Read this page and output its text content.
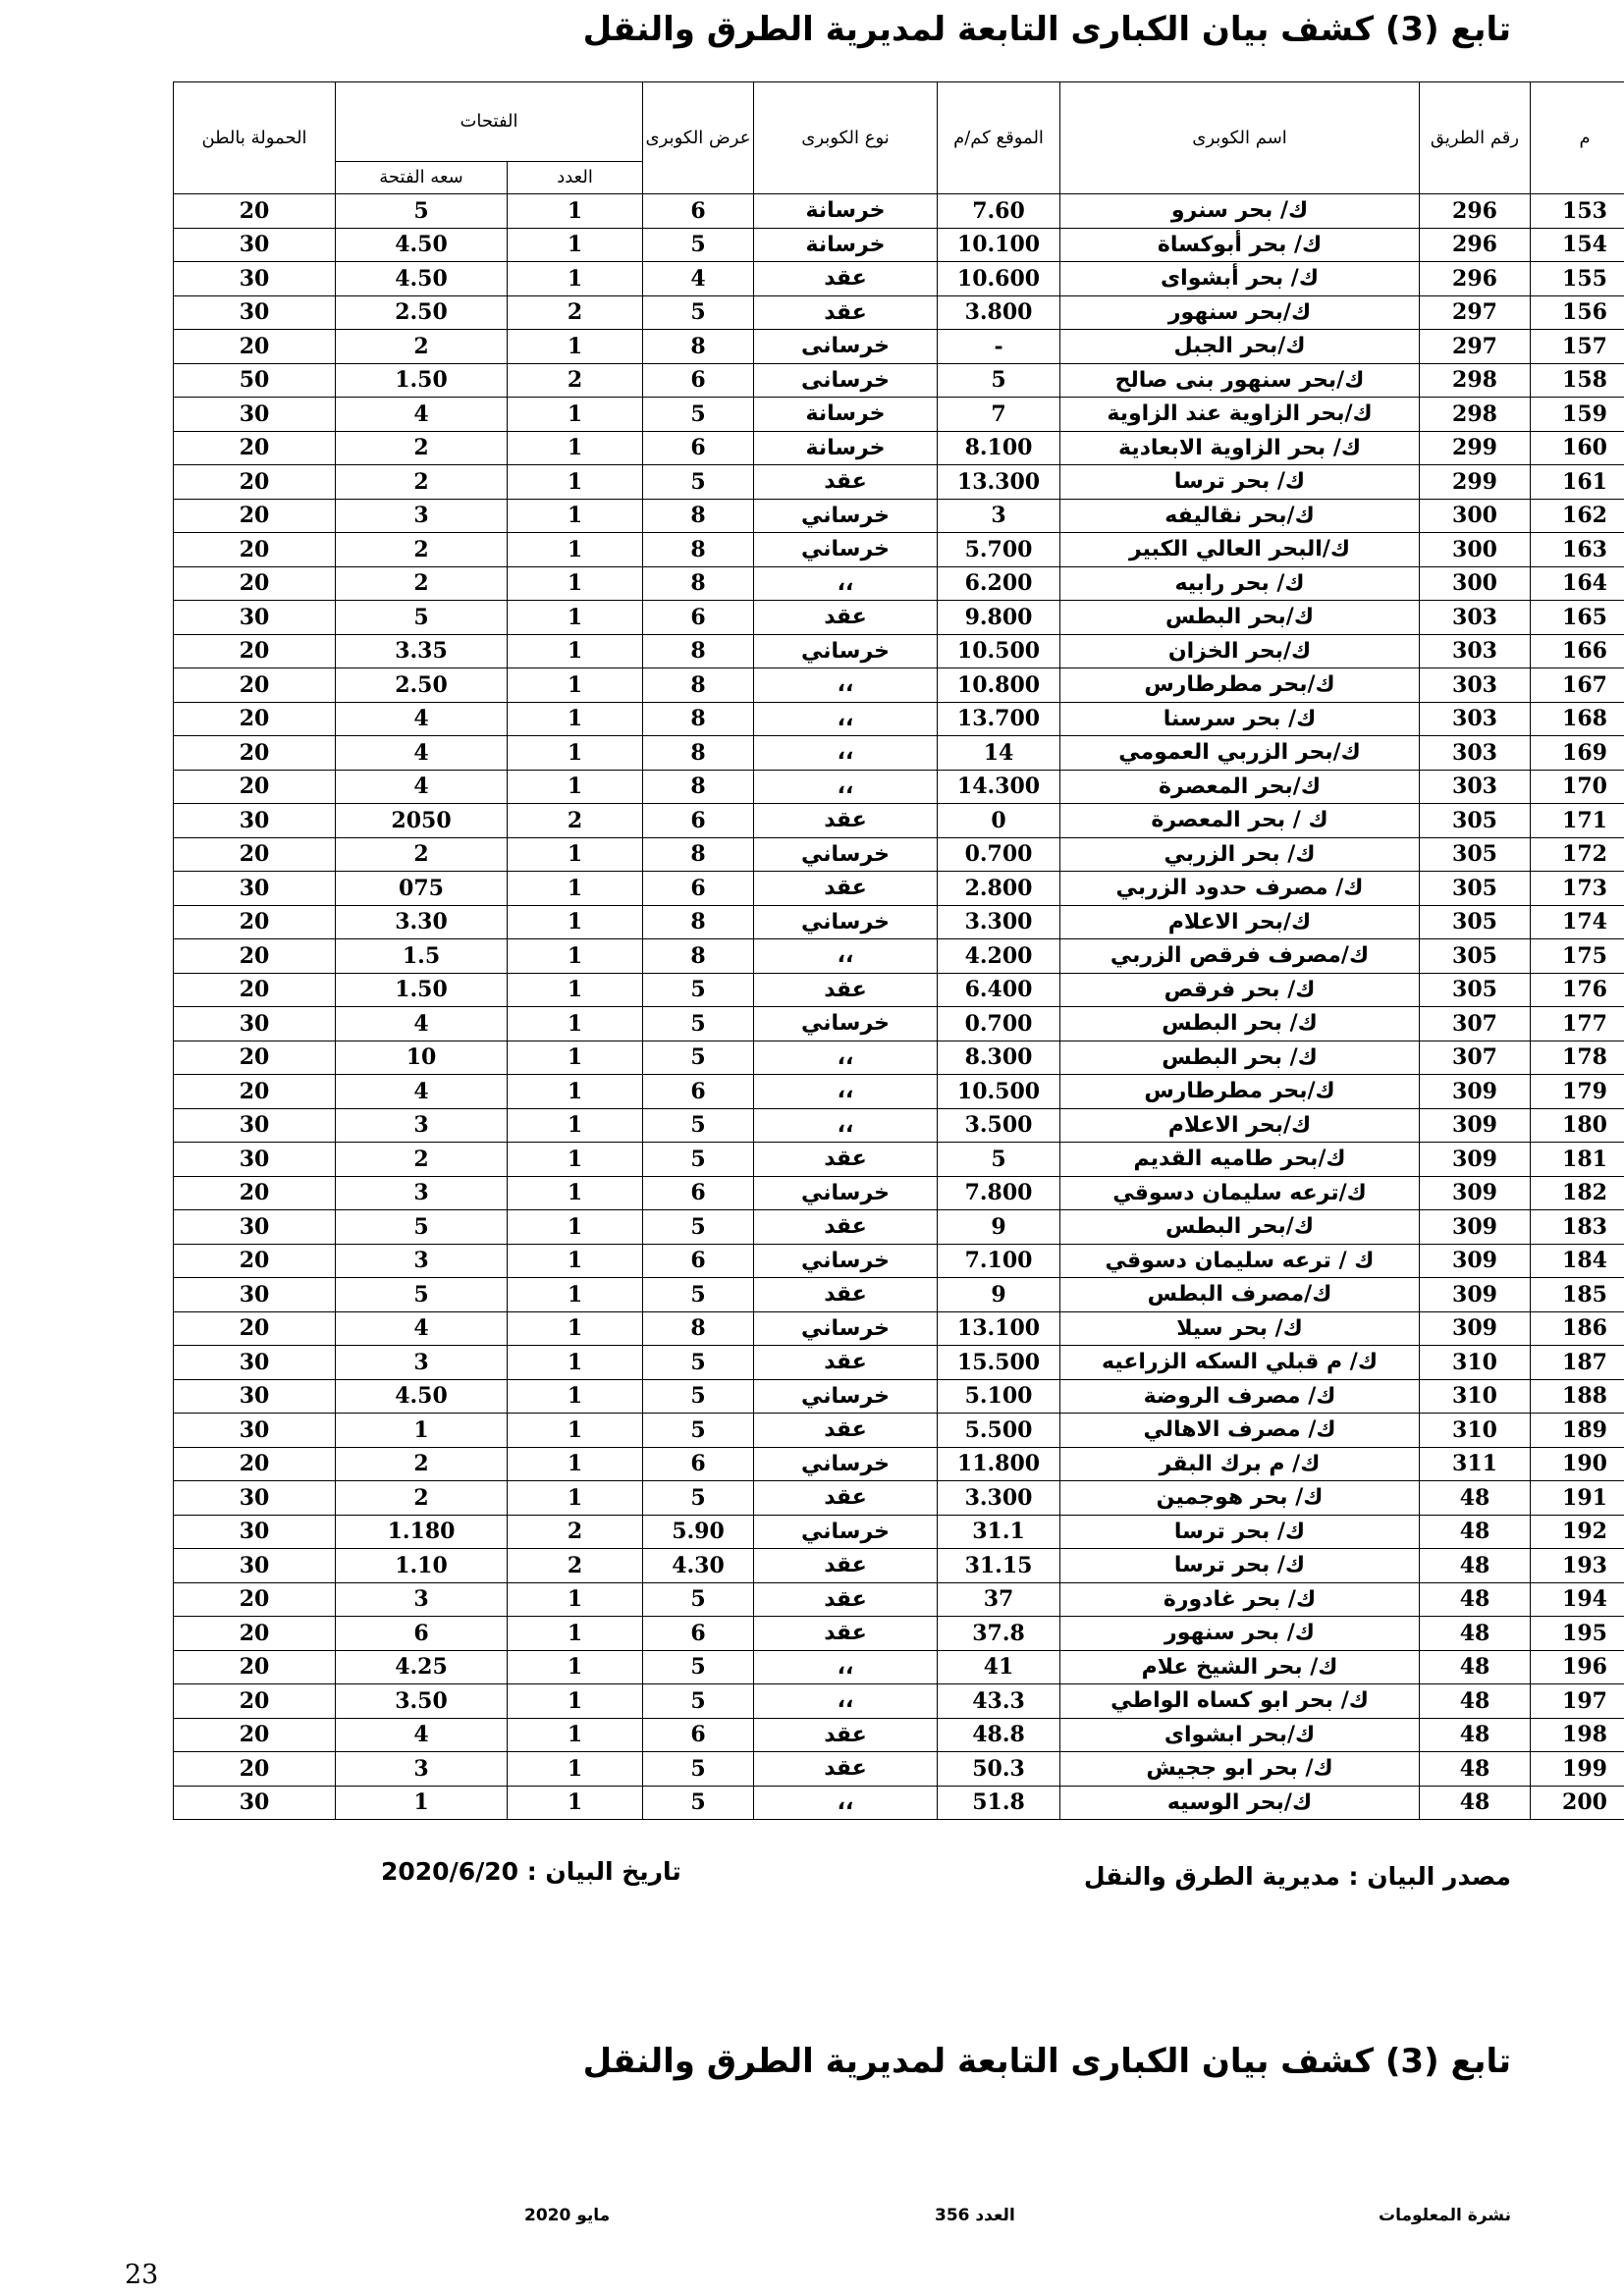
تابع (3) كشف بيان الكبارى التابعة لمديرية الطرق والنقل
م	رقم الطريق	اسم الكوبرى	الموقع كم/م	نوع الكوبرى	عرض الكوبرى	الفتحات		الحمولة بالطن
						العدد	سعه الفتحة	
153	296	ك/ بحر سنرو	7.60	خرسانة	6	1	5	20
154	296	ك/ بحر أبوكساة	10.100	خرسانة	5	1	4.50	30
155	296	ك/ بحر أبشواى	10.600	عقد	4	1	4.50	30
156	297	ك/بحر سنهور	3.800	عقد	5	2	2.50	30
157	297	ك/بحر الجبل	-	خرسانى	8	1	2	20
158	298	ك/بحر سنهور بنى صالح	5	خرسانى	6	2	1.50	50
159	298	ك/بحر الزاوية عند الزاوية	7	خرسانة	5	1	4	30
160	299	ك/ بحر الزاوية الابعادية	8.100	خرسانة	6	1	2	20
161	299	ك/ بحر ترسا	13.300	عقد	5	1	2	20
162	300	ك/بحر نقاليفه	3	خرساني	8	1	3	20
163	300	ك/البحر العالي الكبير	5.700	خرساني	8	1	2	20
164	300	ك/ بحر رابيه	6.200	،،	8	1	2	20
165	303	ك/بحر البطس	9.800	عقد	6	1	5	30
166	303	ك/بحر الخزان	10.500	خرساني	8	1	3.35	20
167	303	ك/بحر مطرطارس	10.800	،،	8	1	2.50	20
168	303	ك/ بحر سرسنا	13.700	،،	8	1	4	20
169	303	ك/بحر الزربي العمومي	14	،،	8	1	4	20
170	303	ك/بحر المعصرة	14.300	،،	8	1	4	20
171	305	ك / بحر المعصرة	0	عقد	6	2	2050	30
172	305	ك/ بحر الزربي	0.700	خرساني	8	1	2	20
173	305	ك/ مصرف حدود الزربي	2.800	عقد	6	1	075	30
174	305	ك/بحر الاعلام	3.300	خرساني	8	1	3.30	20
175	305	ك/مصرف فرقص الزربي	4.200	،،	8	1	1.5	20
176	305	ك/ بحر فرقص	6.400	عقد	5	1	1.50	20
177	307	ك/ بحر البطس	0.700	خرساني	5	1	4	30
178	307	ك/ بحر البطس	8.300	،،	5	1	10	20
179	309	ك/بحر مطرطارس	10.500	،،	6	1	4	20
180	309	ك/بحر الاعلام	3.500	،،	5	1	3	30
181	309	ك/بحر طاميه القديم	5	عقد	5	1	2	30
182	309	ك/ترعه سليمان دسوقي	7.800	خرساني	6	1	3	20
183	309	ك/بحر البطس	9	عقد	5	1	5	30
184	309	ك / ترعه سليمان دسوقي	7.100	خرساني	6	1	3	20
185	309	ك/مصرف البطس	9	عقد	5	1	5	30
186	309	ك/ بحر سيلا	13.100	خرساني	8	1	4	20
187	310	ك/ م قبلي السكه الزراعيه	15.500	عقد	5	1	3	30
188	310	ك/ مصرف الروضة	5.100	خرساني	5	1	4.50	30
189	310	ك/ مصرف الاهالي	5.500	عقد	5	1	1	30
190	311	ك/ م برك البقر	11.800	خرساني	6	1	2	20
191	48	ك/ بحر هوجمين	3.300	عقد	5	1	2	30
192	48	ك/ بحر ترسا	31.1	خرساني	5.90	2	1.180	30
193	48	ك/ بحر ترسا	31.15	عقد	4.30	2	1.10	30
194	48	ك/ بحر غادورة	37	عقد	5	1	3	20
195	48	ك/ بحر سنهور	37.8	عقد	6	1	6	20
196	48	ك/ بحر الشيخ علام	41	،،	5	1	4.25	20
197	48	ك/ بحر ابو كساه الواطي	43.3	،،	5	1	3.50	20
198	48	ك/بحر ابشواى	48.8	عقد	6	1	4	20
199	48	ك/ بحر ابو ججيش	50.3	عقد	5	1	3	20
200	48	ك/بحر الوسيه	51.8	،،	5	1	1	30
مصدر البيان : مديرية الطرق والنقل
تاريخ البيان : 2020/6/20
تابع (3) كشف بيان الكبارى التابعة لمديرية الطرق والنقل
نشرة المعلومات
العدد 356
مايو 2020
23
